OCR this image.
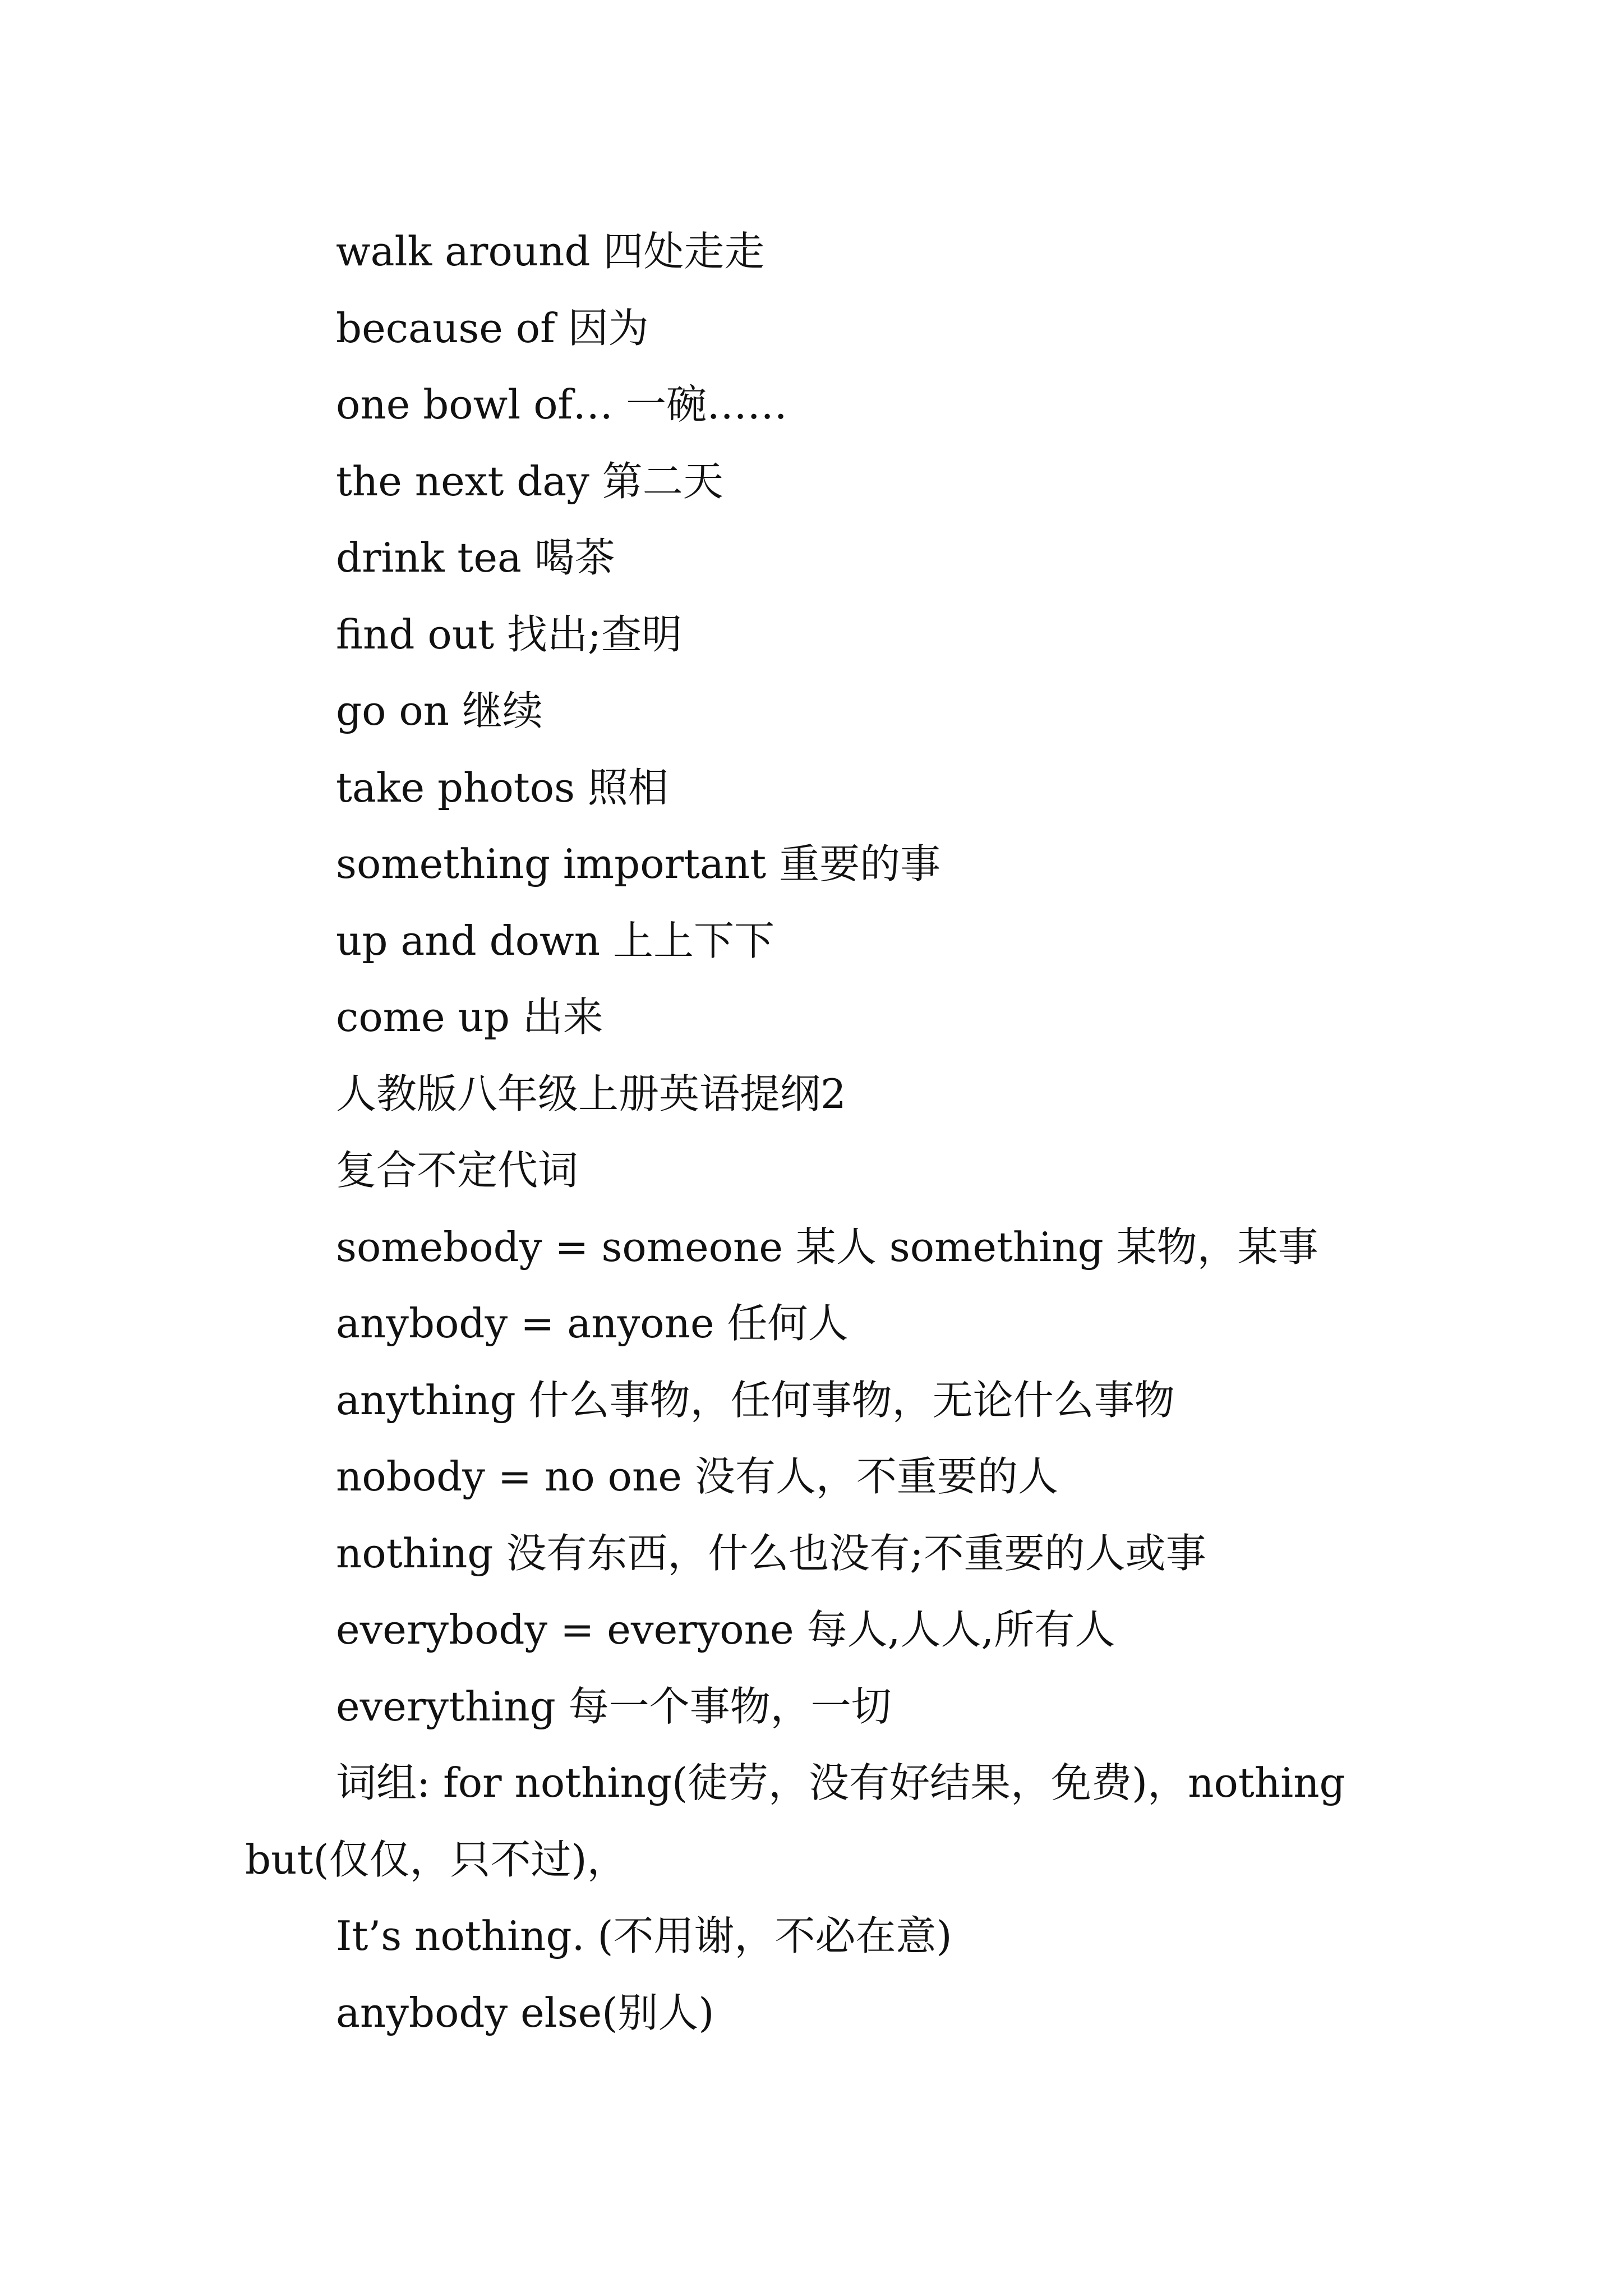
walk around 四处走走
because of 因为
one bowl of… 一碗……
the next day 第二天
drink tea 喝茶
find out 找出;查明
go on 继续
take photos 照相
something important 重要的事
up and down 上上下下
come up 出来
人教版八年级上册英语提纲2
复合不定代词
somebody = someone 某人 something 某物，某事
anybody = anyone 任何人
anything 什么事物，任何事物，无论什么事物
nobody = no one 没有人，不重要的人
nothing 没有东西，什么也没有;不重要的人或事
everybody = everyone 每人,人人,所有人
everything 每一个事物，一切
词组: for nothing(徒劳，没有好结果，免费)，nothing but(仅仅，只不过)，
It’s nothing. (不用谢，不必在意)
anybody else(别人)
